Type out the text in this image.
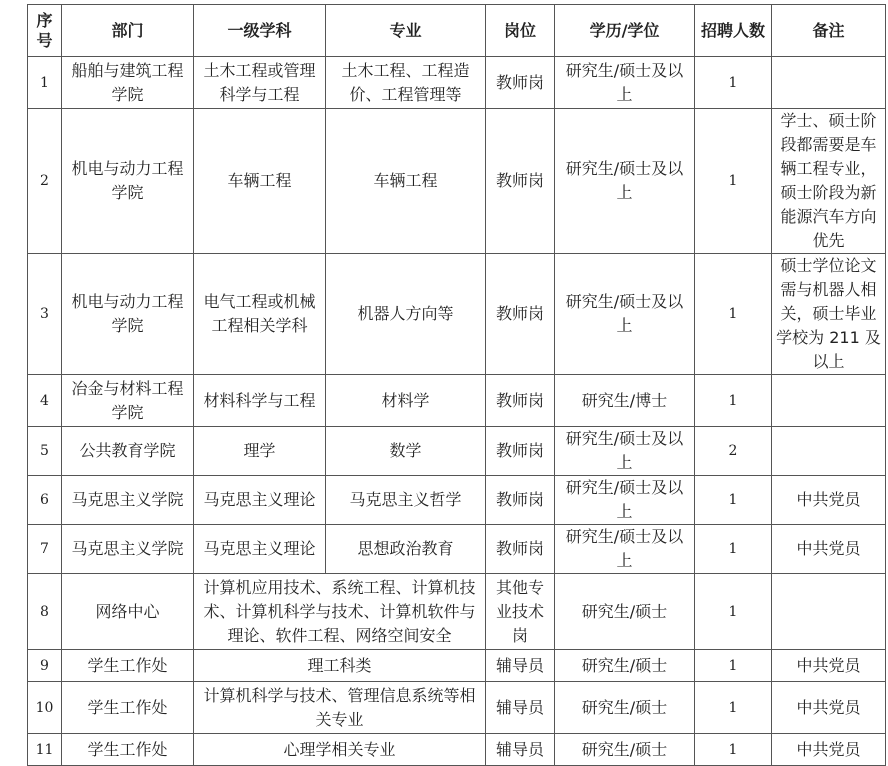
序号	部门	一级学科	专业	岗位	学历/学位	招聘人数	备注
1	船舶与建筑工程学院	土木工程或管理科学与工程	土木工程、工程造价、工程管理等	教师岗	研究生/硕士及以上	1	
2	机电与动力工程学院	车辆工程	车辆工程	教师岗	研究生/硕士及以上	1	学士、硕士阶段都需要是车辆工程专业，硕士阶段为新能源汽车方向优先
3	机电与动力工程学院	电气工程或机械工程相关学科	机器人方向等	教师岗	研究生/硕士及以上	1	硕士学位论文需与机器人相关，硕士毕业学校为 211 及以上
4	冶金与材料工程学院	材料科学与工程	材料学	教师岗	研究生/博士	1	
5	公共教育学院	理学	数学	教师岗	研究生/硕士及以上	2	
6	马克思主义学院	马克思主义理论	马克思主义哲学	教师岗	研究生/硕士及以上	1	中共党员
7	马克思主义学院	马克思主义理论	思想政治教育	教师岗	研究生/硕士及以上	1	中共党员
8	网络中心	计算机应用技术、系统工程、计算机技术、计算机科学与技术、计算机软件与理论、软件工程、网络空间安全		其他专业技术岗	研究生/硕士	1	
9	学生工作处	理工科类		辅导员	研究生/硕士	1	中共党员
10	学生工作处	计算机科学与技术、管理信息系统等相关专业		辅导员	研究生/硕士	1	中共党员
11	学生工作处	心理学相关专业		辅导员	研究生/硕士	1	中共党员
